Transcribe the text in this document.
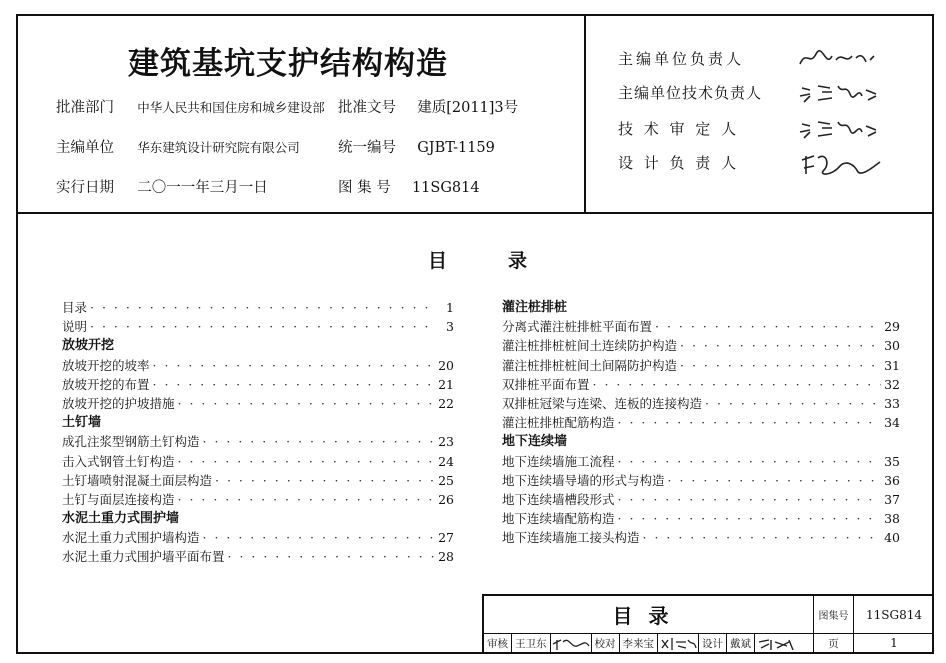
建筑基坑支护结构构造
批准部门 中华人民共和国住房和城乡建设部 批准文号 建质[2011]3号
主编单位 华东建筑设计研究院有限公司	统一编号 GJBT-1159
实行日期 二〇一一年三月一日	图 集 号 11SG814
主编单位负责人
主编单位技术负责人
技 术 审 定 人
设 计 负 责 人
目	录
目录 · · ·	1
说明 · · ·	3
放坡开挖
放坡开挖的坡率 · · ·	20
放坡开挖的布置 · · ·	21
放坡开挖的护坡措施 · · ·	22
土钉墙
成孔注浆型钢筋土钉构造 · · ·	23
击入式钢管土钉构造 · · ·	24
土钉墙喷射混凝土面层构造 · · ·	25
土钉与面层连接构造 · · ·	26
水泥土重力式围护墙
水泥土重力式围护墙构造 · · ·	27
水泥土重力式围护墙平面布置 · · ·	28
灌注桩排桩
分离式灌注桩排桩平面布置 · · ·	29
灌注桩排桩桩间土连续防护构造 · · ·	30
灌注桩排桩桩间土间隔防护构造 · · ·	31
双排桩平面布置 · · ·	32
双排桩冠梁与连梁、连板的连接构造 · · ·	33
灌注桩排桩配筋构造 · · ·	34
地下连续墙
地下连续墙施工流程 · · ·	35
地下连续墙导墙的形式与构造 · · ·	36
地下连续墙槽段形式 · · ·	37
地下连续墙配筋构造 · · ·	38
地下连续墙施工接头构造 · · ·	40
目录	图集号	11SG814
审核 王卫东	校对 李来宝	设计 戴斌	页	1
